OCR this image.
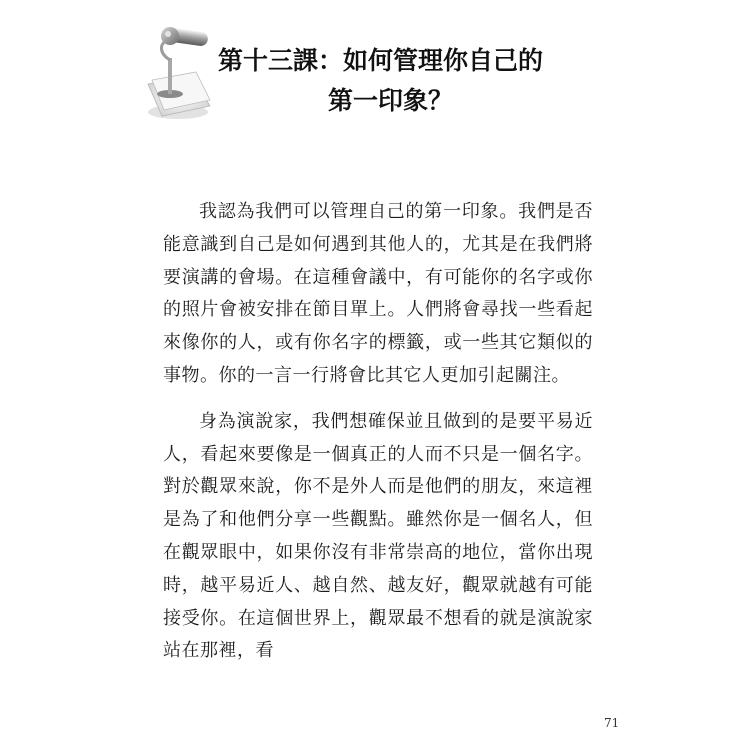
第十三課：如何管理你自己的
第一印象？

我認為我們可以管理自己的第一印象。我們是否能意識到自己是如何遇到其他人的，尤其是在我們將要演講的會場。在這種會議中，有可能你的名字或你的照片會被安排在節目單上。人們將會尋找一些看起來像你的人，或有你名字的標籤，或一些其它類似的事物。你的一言一行將會比其它人更加引起關注。

身為演說家，我們想確保並且做到的是要平易近人，看起來要像是一個真正的人而不只是一個名字。對於觀眾來說，你不是外人而是他們的朋友，來這裡是為了和他們分享一些觀點。雖然你是一個名人，但在觀眾眼中，如果你沒有非常崇高的地位，當你出現時，越平易近人、越自然、越友好，觀眾就越有可能接受你。在這個世界上，觀眾最不想看的就是演說家站在那裡，看

71
